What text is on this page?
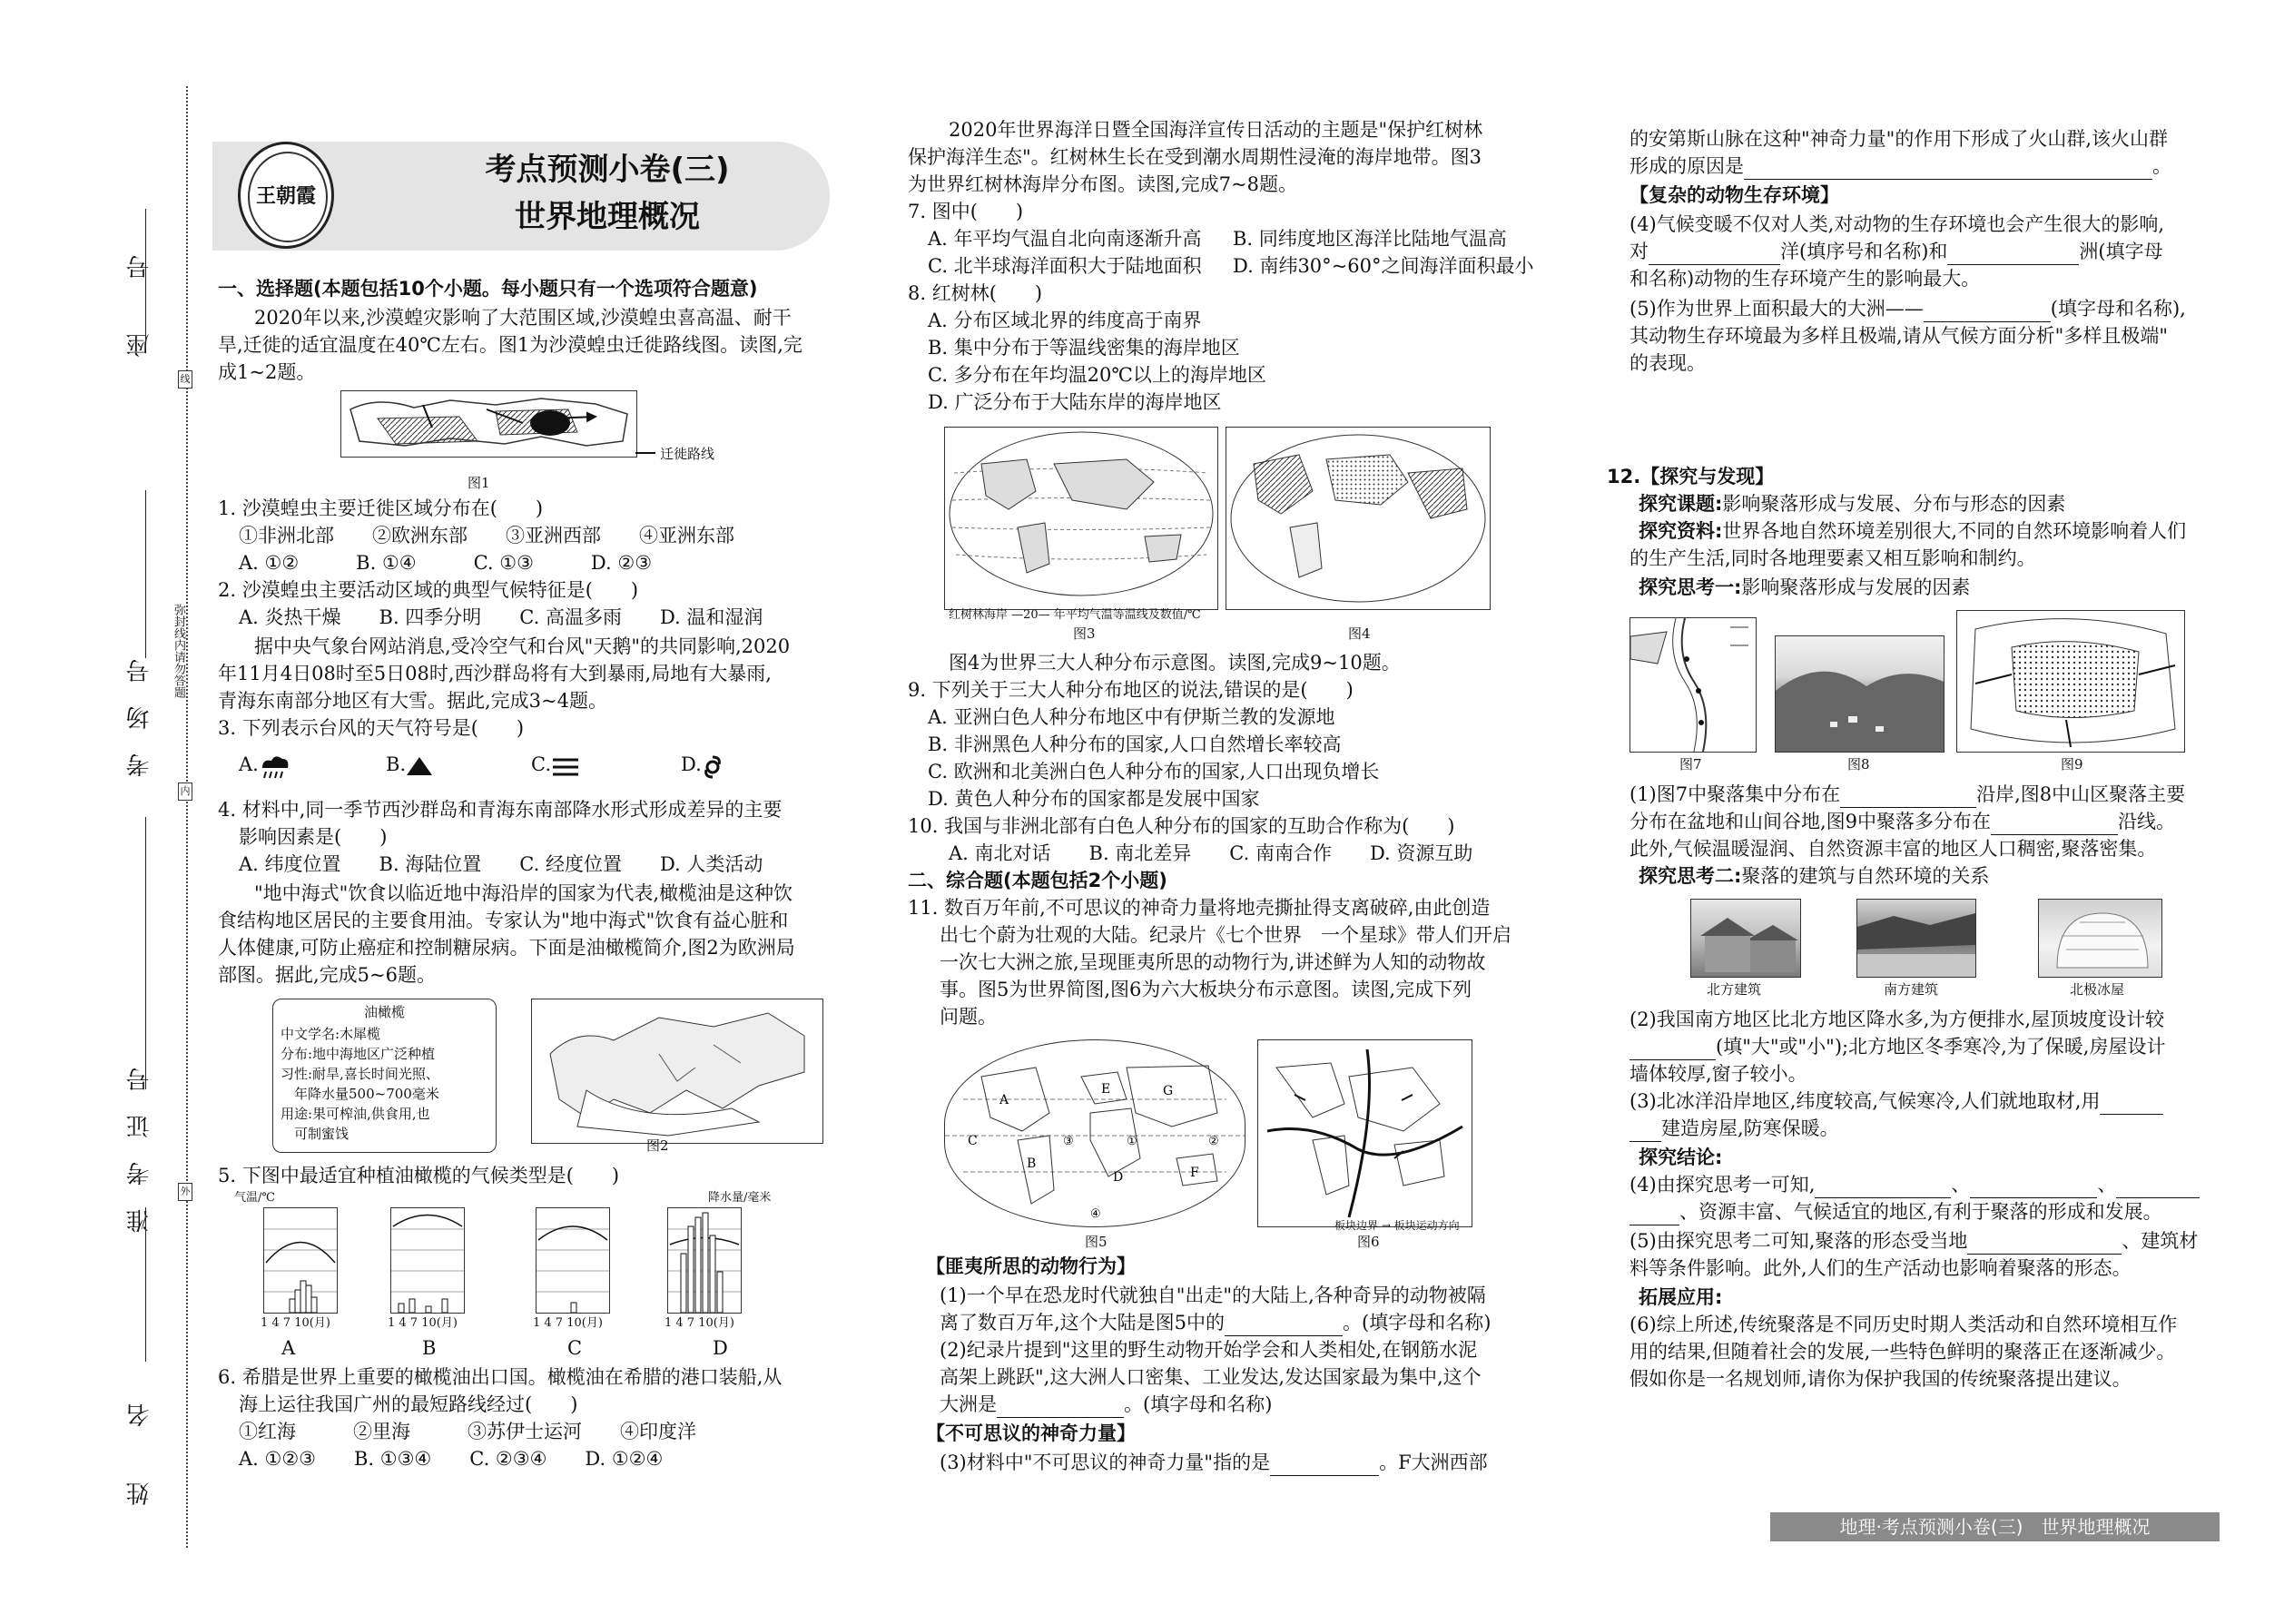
座 号
考场号
准考证号
姓 名
线
弥封线内请勿答题
内
外
王朝霞
考点预测小卷(三)
世界地理概况
一、选择题(本题包括10个小题。每小题只有一个选项符合题意)
2020年以来,沙漠蝗灾影响了大范围区域,沙漠蝗虫喜高温、耐干
旱,迁徙的适宜温度在40℃左右。图1为沙漠蝗虫迁徙路线图。读图,完
成1~2题。
迁徙路线
图1
1. 沙漠蝗虫主要迁徙区域分布在(　　)
①非洲北部　　②欧洲东部　　③亚洲西部　　④亚洲东部
A. ①②　　　B. ①④　　　C. ①③　　　D. ②③
2. 沙漠蝗虫主要活动区域的典型气候特征是(　　)
A. 炎热干燥　　B. 四季分明　　C. 高温多雨　　D. 温和湿润
据中央气象台网站消息,受冷空气和台风"天鹅"的共同影响,2020
年11月4日08时至5日08时,西沙群岛将有大到暴雨,局地有大暴雨,
青海东南部分地区有大雪。据此,完成3~4题。
3. 下列表示台风的天气符号是(　　)
A.	B.	C.	D.
4. 材料中,同一季节西沙群岛和青海东南部降水形式形成差异的主要
影响因素是(　　)
A. 纬度位置　　B. 海陆位置　　C. 经度位置　　D. 人类活动
"地中海式"饮食以临近地中海沿岸的国家为代表,橄榄油是这种饮
食结构地区居民的主要食用油。专家认为"地中海式"饮食有益心脏和
人体健康,可防止癌症和控制糖尿病。下面是油橄榄简介,图2为欧洲局
部图。据此,完成5~6题。
油橄榄
中文学名:木犀榄
分布:地中海地区广泛种植
习性:耐旱,喜长时间光照、
　年降水量500~700毫米
用途:果可榨油,供食用,也
　可制蜜饯
图2
5. 下图中最适宜种植油橄榄的气候类型是(　　)
气温/℃	降水量/毫米
1 4 7 10(月)	1 4 7 10(月)	1 4 7 10(月)	1 4 7 10(月)
A	B	C	D
6. 希腊是世界上重要的橄榄油出口国。橄榄油在希腊的港口装船,从
海上运往我国广州的最短路线经过(　　)
①红海　　　②里海　　　③苏伊士运河　　④印度洋
A. ①②③　　B. ①③④　　C. ②③④　　D. ①②④
2020年世界海洋日暨全国海洋宣传日活动的主题是"保护红树林
保护海洋生态"。红树林生长在受到潮水周期性浸淹的海岸地带。图3
为世界红树林海岸分布图。读图,完成7~8题。
7. 图中(　　)
A. 年平均气温自北向南逐渐升高 B. 同纬度地区海洋比陆地气温高
C. 北半球海洋面积大于陆地面积 D. 南纬30°~60°之间海洋面积最小
8. 红树林(　　)
A. 分布区域北界的纬度高于南界
B. 集中分布于等温线密集的海岸地区
C. 多分布在年均温20℃以上的海岸地区
D. 广泛分布于大陆东岸的海岸地区
红树林海岸 —20— 年平均气温等温线及数值/℃
图3	图4
图4为世界三大人种分布示意图。读图,完成9~10题。
9. 下列关于三大人种分布地区的说法,错误的是(　　)
A. 亚洲白色人种分布地区中有伊斯兰教的发源地
B. 非洲黑色人种分布的国家,人口自然增长率较高
C. 欧洲和北美洲白色人种分布的国家,人口出现负增长
D. 黄色人种分布的国家都是发展中国家
10. 我国与非洲北部有白色人种分布的国家的互助合作称为(　　)
A. 南北对话　　B. 南北差异　　C. 南南合作　　D. 资源互助
二、综合题(本题包括2个小题)
11. 数百万年前,不可思议的神奇力量将地壳撕扯得支离破碎,由此创造
出七个蔚为壮观的大陆。纪录片《七个世界　一个星球》带人们开启
一次七大洲之旅,呈现匪夷所思的动物行为,讲述鲜为人知的动物故
事。图5为世界简图,图6为六大板块分布示意图。读图,完成下列
问题。
A
B
C
D
E
F
G
③	①	②
④
板块边界 → 板块运动方向
图5	图6
【匪夷所思的动物行为】
(1)一个早在恐龙时代就独自"出走"的大陆上,各种奇异的动物被隔
离了数百万年,这个大陆是图5中的	。(填字母和名称)
(2)纪录片提到"这里的野生动物开始学会和人类相处,在钢筋水泥
高架上跳跃",这大洲人口密集、工业发达,发达国家最为集中,这个
大洲是	。(填字母和名称)
【不可思议的神奇力量】
(3)材料中"不可思议的神奇力量"指的是	。F大洲西部
的安第斯山脉在这种"神奇力量"的作用下形成了火山群,该火山群
形成的原因是	。
【复杂的动物生存环境】
(4)气候变暖不仅对人类,对动物的生存环境也会产生很大的影响,
对	洋(填序号和名称)和	洲(填字母
和名称)动物的生存环境产生的影响最大。
(5)作为世界上面积最大的大洲——	(填字母和名称),
其动物生存环境最为多样且极端,请从气候方面分析"多样且极端"
的表现。
12.【探究与发现】
探究课题:影响聚落形成与发展、分布与形态的因素
探究资料:世界各地自然环境差别很大,不同的自然环境影响着人们
的生产生活,同时各地理要素又相互影响和制约。
探究思考一:影响聚落形成与发展的因素
图7	图8	图9
(1)图7中聚落集中分布在	沿岸,图8中山区聚落主要
分布在盆地和山间谷地,图9中聚落多分布在	沿线。
此外,气候温暖湿润、自然资源丰富的地区人口稠密,聚落密集。
探究思考二:聚落的建筑与自然环境的关系
北方建筑	南方建筑	北极冰屋
(2)我国南方地区比北方地区降水多,为方便排水,屋顶坡度设计较
(填"大"或"小");北方地区冬季寒冷,为了保暖,房屋设计
墙体较厚,窗子较小。
(3)北冰洋沿岸地区,纬度较高,气候寒冷,人们就地取材,用
建造房屋,防寒保暖。
探究结论:
(4)由探究思考一可知,	、	、
、资源丰富、气候适宜的地区,有利于聚落的形成和发展。
(5)由探究思考二可知,聚落的形态受当地	、建筑材
料等条件影响。此外,人们的生产活动也影响着聚落的形态。
拓展应用:
(6)综上所述,传统聚落是不同历史时期人类活动和自然环境相互作
用的结果,但随着社会的发展,一些特色鲜明的聚落正在逐渐减少。
假如你是一名规划师,请你为保护我国的传统聚落提出建议。
地理·考点预测小卷(三)　世界地理概况
